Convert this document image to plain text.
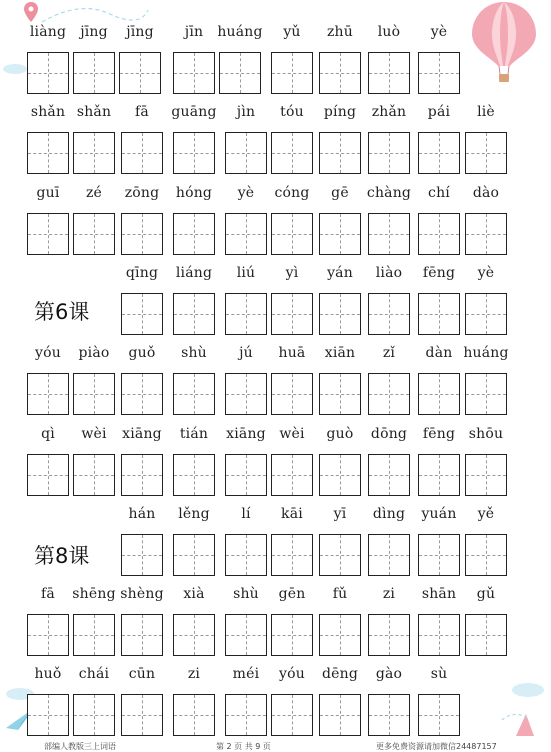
第6课
第8课
liàng	jīng	jīng	jīn	huáng	yǔ	zhū	luò	yè
shǎn shǎn	fā	guāng	jìn	tóu	píng	zhǎn	pái	liè
guī	zé	zōng	hóng	yè	cóng	gē	chàng	chí	dào
qīng	liáng	liú	yì	yán	liào	fēng	yè
yóu	piào	guǒ	shù	jú	huā	xiān	zǐ	dàn huáng
qì	wèi	xiāng	tián	xiāng wèi	guò	dōng	fēng shōu
hán	lěng	lí	kāi	yī	dìng	yuán	yě
fā	shēng shèng	xià	shù	gēn	fǔ	zi	shān	gǔ
huǒ	chái	cūn	zi	méi	yóu	dēng	gào	sù
部编人教版三上词语	第 2 页 共 9 页	更多免费资源请加微信24487157
